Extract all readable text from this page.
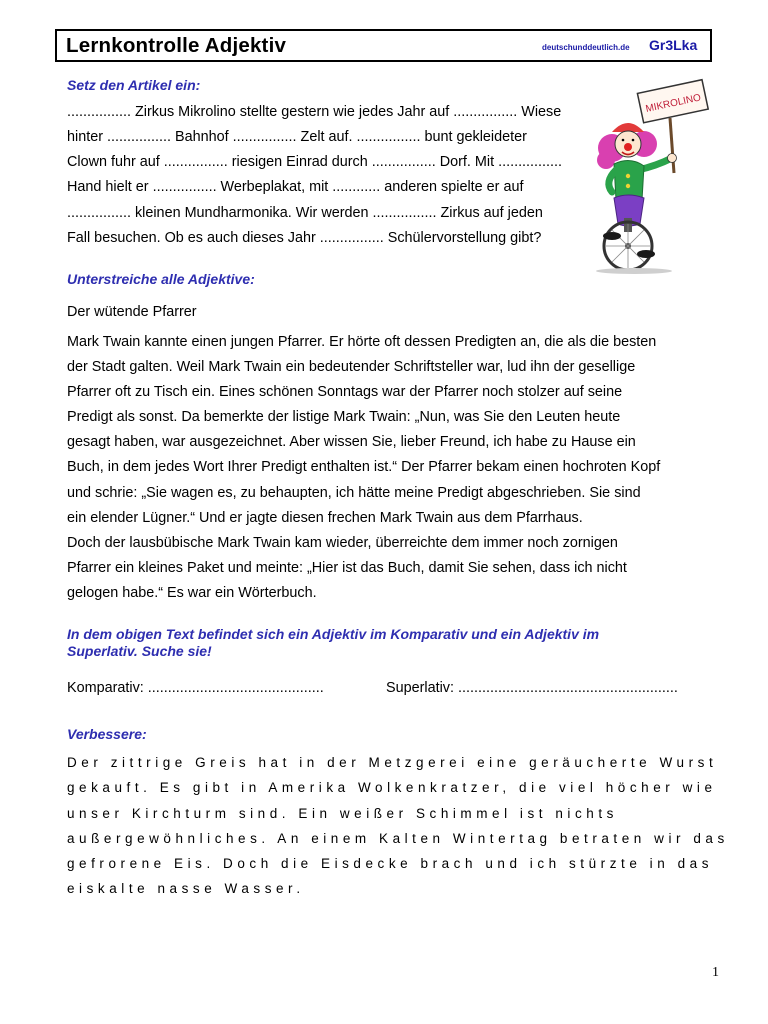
Lernkontrolle Adjektiv	deutschunddeutlich.de Gr3Lka
Setz den Artikel ein:
................ Zirkus Mikrolino stellte gestern wie jedes Jahr auf ................ Wiese
hinter ................ Bahnhof ................ Zelt auf. ................ bunt gekleideter
Clown fuhr auf ................ riesigen Einrad durch ................ Dorf. Mit ................
Hand hielt er ................ Werbeplakat, mit ............ anderen spielte er auf
................ kleinen Mundharmonika. Wir werden ................ Zirkus auf jeden
Fall besuchen. Ob es auch dieses Jahr ................ Schülervorstellung gibt?
MIKROLINO
Unterstreiche alle Adjektive:
Der wütende Pfarrer
Mark Twain kannte einen jungen Pfarrer. Er hörte oft dessen Predigten an, die als die besten
der Stadt galten. Weil Mark Twain ein bedeutender Schriftsteller war, lud ihn der gesellige
Pfarrer oft zu Tisch ein. Eines schönen Sonntags war der Pfarrer noch stolzer auf seine
Predigt als sonst. Da bemerkte der listige Mark Twain: „Nun, was Sie den Leuten heute
gesagt haben, war ausgezeichnet. Aber wissen Sie, lieber Freund, ich habe zu Hause ein
Buch, in dem jedes Wort Ihrer Predigt enthalten ist.“ Der Pfarrer bekam einen hochroten Kopf
und schrie: „Sie wagen es, zu behaupten, ich hätte meine Predigt abgeschrieben. Sie sind
ein elender Lügner.“ Und er jagte diesen frechen Mark Twain aus dem Pfarrhaus.
Doch der lausbübische Mark Twain kam wieder, überreichte dem immer noch zornigen
Pfarrer ein kleines Paket und meinte: „Hier ist das Buch, damit Sie sehen, dass ich nicht
gelogen habe.“ Es war ein Wörterbuch.
In dem obigen Text befindet sich ein Adjektiv im Komparativ und ein Adjektiv im
Superlativ. Suche sie!
Komparativ: ............................................	Superlativ: .......................................................
Verbessere:
Der zittrige Greis hat in der Metzgerei eine geräucherte Wurst
gekauft. Es gibt in Amerika Wolkenkratzer, die viel höcher wie
unser Kirchturm sind. Ein weißer Schimmel ist nichts
außergewöhnliches. An einem Kalten Wintertag betraten wir das
gefrorene Eis. Doch die Eisdecke brach und ich stürzte in das
eiskalte nasse Wasser.
1
